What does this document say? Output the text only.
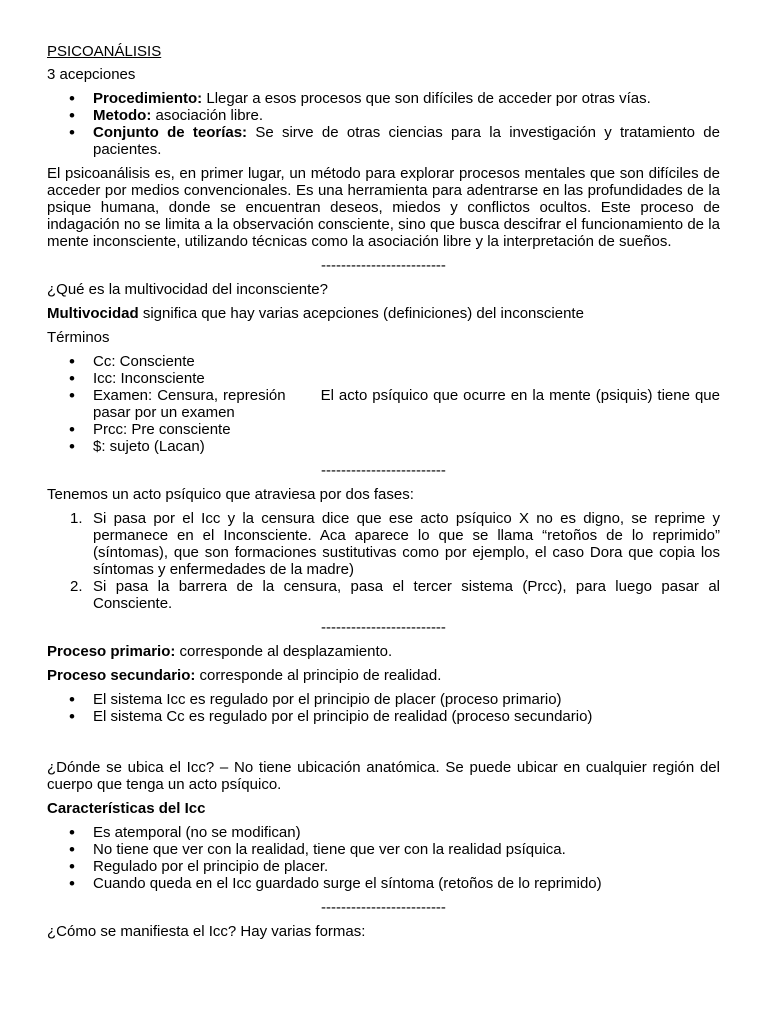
PSICOANÁLISIS

3 acepciones

• Procedimiento: Llegar a esos procesos que son difíciles de acceder por otras vías.
• Metodo: asociación libre.
• Conjunto de teorías: Se sirve de otras ciencias para la investigación y tratamiento de pacientes.

El psicoanálisis es, en primer lugar, un método para explorar procesos mentales que son difíciles de acceder por medios convencionales. Es una herramienta para adentrarse en las profundidades de la psique humana, donde se encuentran deseos, miedos y conflictos ocultos. Este proceso de indagación no se limita a la observación consciente, sino que busca descifrar el funcionamiento de la mente inconsciente, utilizando técnicas como la asociación libre y la interpretación de sueños.

-------------------------

¿Qué es la multivocidad del inconsciente?

Multivocidad significa que hay varias acepciones (definiciones) del inconsciente

Términos

• Cc: Consciente
• Icc: Inconsciente
• Examen: Censura, represión       El acto psíquico que ocurre en la mente (psiquis) tiene que pasar por un examen
• Prcc: Pre consciente
• $: sujeto (Lacan)

-------------------------

Tenemos un acto psíquico que atraviesa por dos fases:

Si pasa por el Icc y la censura dice que ese acto psíquico X no es digno, se reprime y permanece en el Inconsciente. Aca aparece lo que se llama “retoños de lo reprimido” (síntomas), que son formaciones sustitutivas como por ejemplo, el caso Dora que copia los síntomas y enfermedades de la madre)
Si pasa la barrera de la censura, pasa el tercer sistema (Prcc), para luego pasar al Consciente.

-------------------------

Proceso primario: corresponde al desplazamiento.

Proceso secundario: corresponde al principio de realidad.

• El sistema Icc es regulado por el principio de placer (proceso primario)
• El sistema Cc es regulado por el principio de realidad (proceso secundario)

¿Dónde se ubica el Icc? – No tiene ubicación anatómica. Se puede ubicar en cualquier región del cuerpo que tenga un acto psíquico.

Características del Icc

• Es atemporal (no se modifican)
• No tiene que ver con la realidad, tiene que ver con la realidad psíquica.
• Regulado por el principio de placer.
• Cuando queda en el Icc guardado surge el síntoma (retoños de lo reprimido)

-------------------------

¿Cómo se manifiesta el Icc? Hay varias formas:
